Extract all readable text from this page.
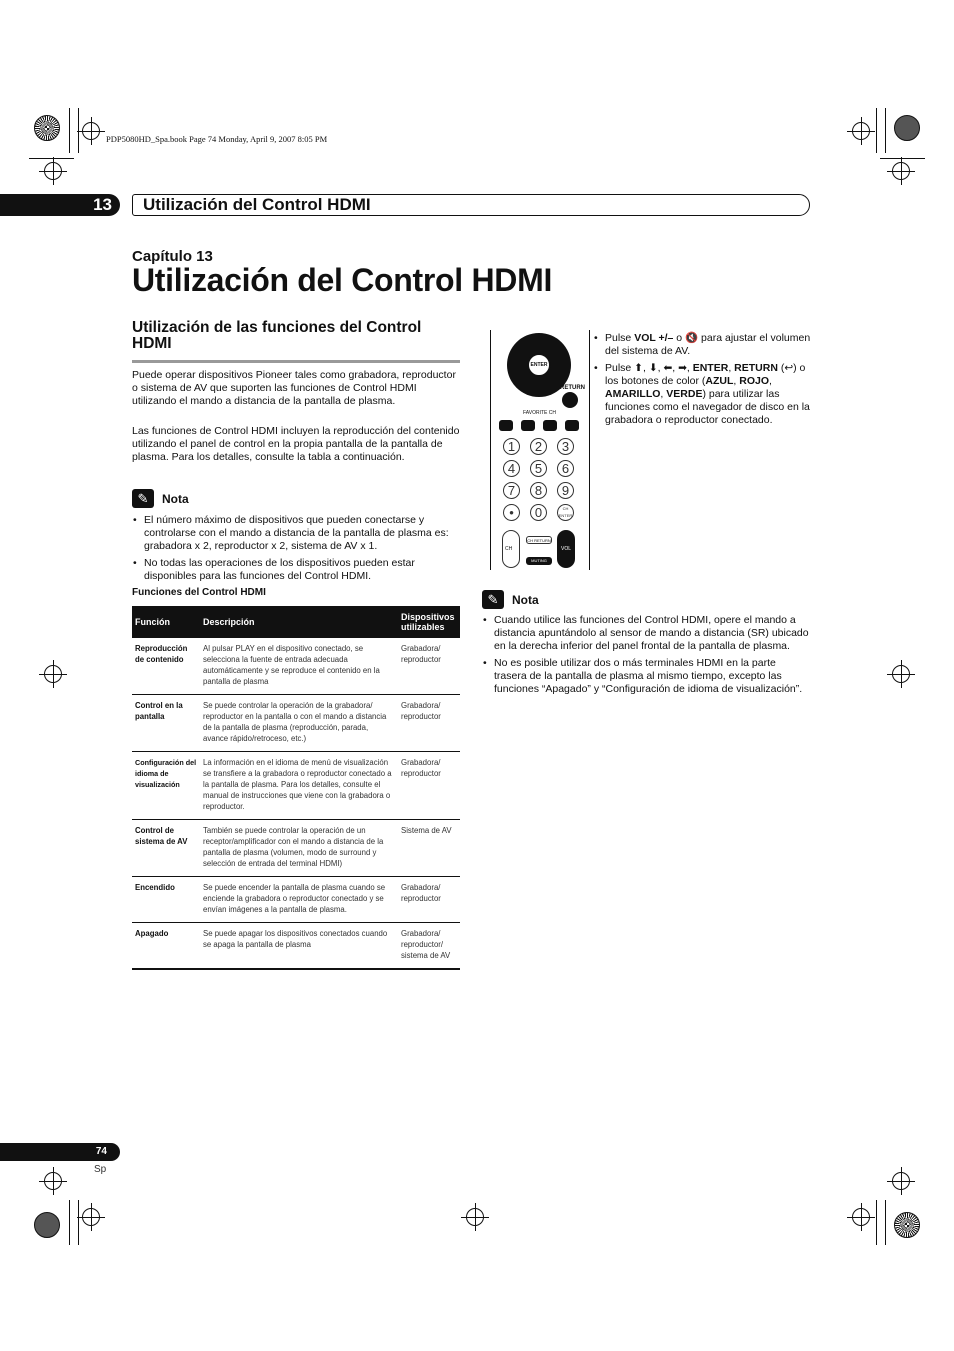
PDP5080HD_Spa.book Page 74 Monday, April 9, 2007 8:05 PM
13	Utilización del Control HDMI
Capítulo 13
Utilización del Control HDMI
Utilización de las funciones del Control HDMI
Puede operar dispositivos Pioneer tales como grabadora, reproductor o sistema de AV que suporten las funciones de Control HDMI utilizando el mando a distancia de la pantalla de plasma.
Las funciones de Control HDMI incluyen la reproducción del contenido utilizando el panel de control en la propia pantalla de la pantalla de plasma. Para los detalles, consulte la tabla a continuación.
✎	Nota
• El número máximo de dispositivos que pueden conectarse y controlarse con el mando a distancia de la pantalla de plasma es: grabadora x 2, reproductor x 2, sistema de AV x 1.
• No todas las operaciones de los dispositivos pueden estar disponibles para las funciones del Control HDMI.
Funciones del Control HDMI
Función	Descripción	Dispositivos utilizables
Reproducción de contenido	Al pulsar PLAY en el dispositivo conectado, se selecciona la fuente de entrada adecuada automáticamente y se reproduce el contenido en la pantalla de plasma	Grabadora/ reproductor
Control en la pantalla	Se puede controlar la operación de la grabadora/ reproductor en la pantalla o con el mando a distancia de la pantalla de plasma (reproducción, parada, avance rápido/retroceso, etc.)	Grabadora/ reproductor
Configuración del idioma de visualización	La información en el idioma de menú de visualización se transfiere a la grabadora o reproductor conectado a la pantalla de plasma. Para los detalles, consulte el manual de instrucciones que viene con la grabadora o reproductor.	Grabadora/ reproductor
Control de sistema de AV	También se puede controlar la operación de un receptor/amplificador con el mando a distancia de la pantalla de plasma (volumen, modo de surround y selección de entrada del terminal HDMI)	Sistema de AV
Encendido	Se puede encender la pantalla de plasma cuando se enciende la grabadora o reproductor conectado y se envían imágenes a la pantalla de plasma.	Grabadora/ reproductor
Apagado	Se puede apagar los dispositivos conectados cuando se apaga la pantalla de plasma	Grabadora/ reproductor/ sistema de AV
ENTER
RETURN
FAVORITE CH
1	2	3
4	5	6
7	8	9
•	0	CH ENTER
CH
CH RETURN
MUTING
VOL
• Pulse VOL +/– o 🔇 para ajustar el volumen del sistema de AV.
• Pulse ⬆, ⬇, ⬅, ➡, ENTER, RETURN (↩) o los botones de color (AZUL, ROJO, AMARILLO, VERDE) para utilizar las funciones como el navegador de disco en la grabadora o reproductor conectado.
✎	Nota
• Cuando utilice las funciones del Control HDMI, opere el mando a distancia apuntándolo al sensor de mando a distancia (SR) ubicado en la derecha inferior del panel frontal de la pantalla de plasma.
• No es posible utilizar dos o más terminales HDMI en la parte trasera de la pantalla de plasma al mismo tiempo, excepto las funciones “Apagado” y “Configuración de idioma de visualización”.
74
Sp
